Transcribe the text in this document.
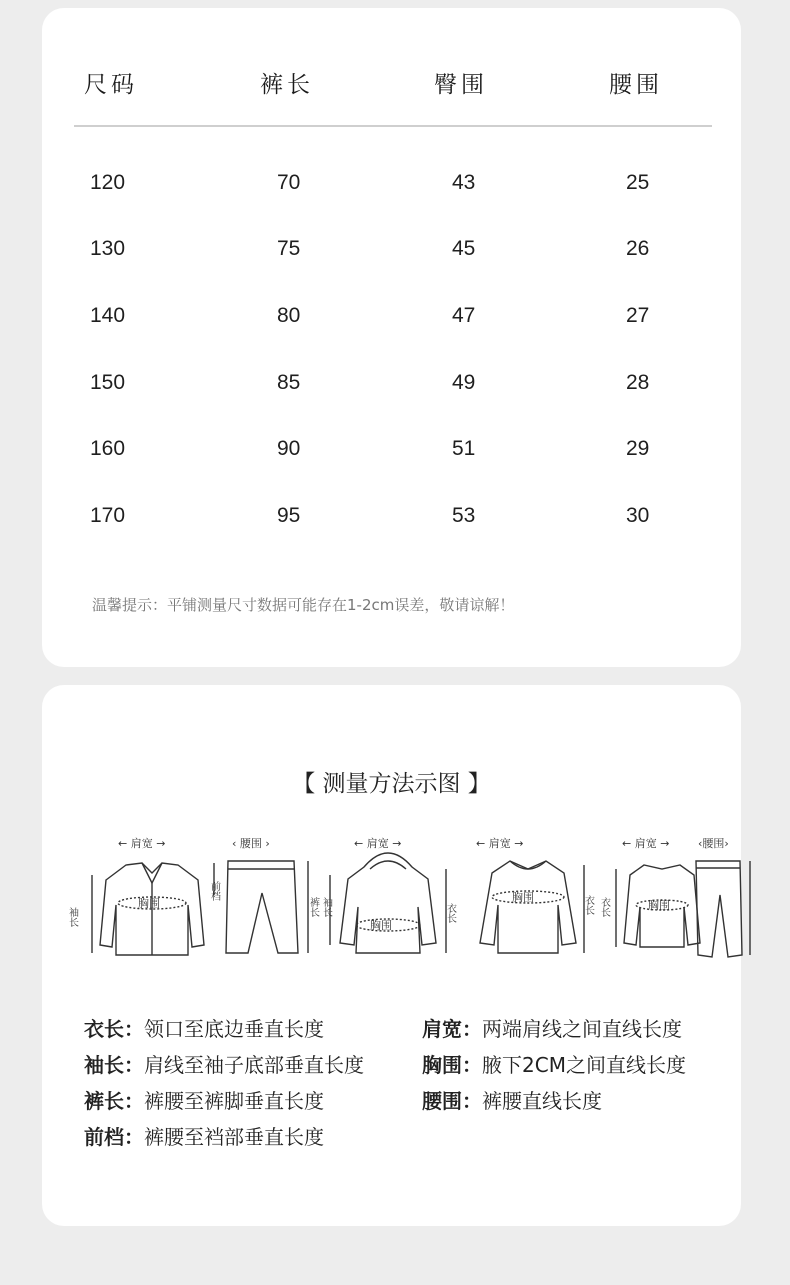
尺码	裤长	臀围	腰围
120	70	43	25
130	75	45	26
140	80	47	27
150	85	49	28
160	90	51	29
170	95	53	30
温馨提示：平铺测量尺寸数据可能存在1-2cm误差，敬请谅解！
【 测量方法示图 】
← 肩宽 →
胸围
袖长
‹ 腰围 ›
前档
裤长
← 肩宽 →
胸围
袖长	衣长
← 肩宽 →
胸围	衣长
← 肩宽 →
胸围
衣长
‹腰围›
衣长：领口至底边垂直长度	肩宽：两端肩线之间直线长度
袖长：肩线至袖子底部垂直长度	胸围：腋下2CM之间直线长度
裤长：裤腰至裤脚垂直长度	腰围：裤腰直线长度
前档：裤腰至裆部垂直长度
